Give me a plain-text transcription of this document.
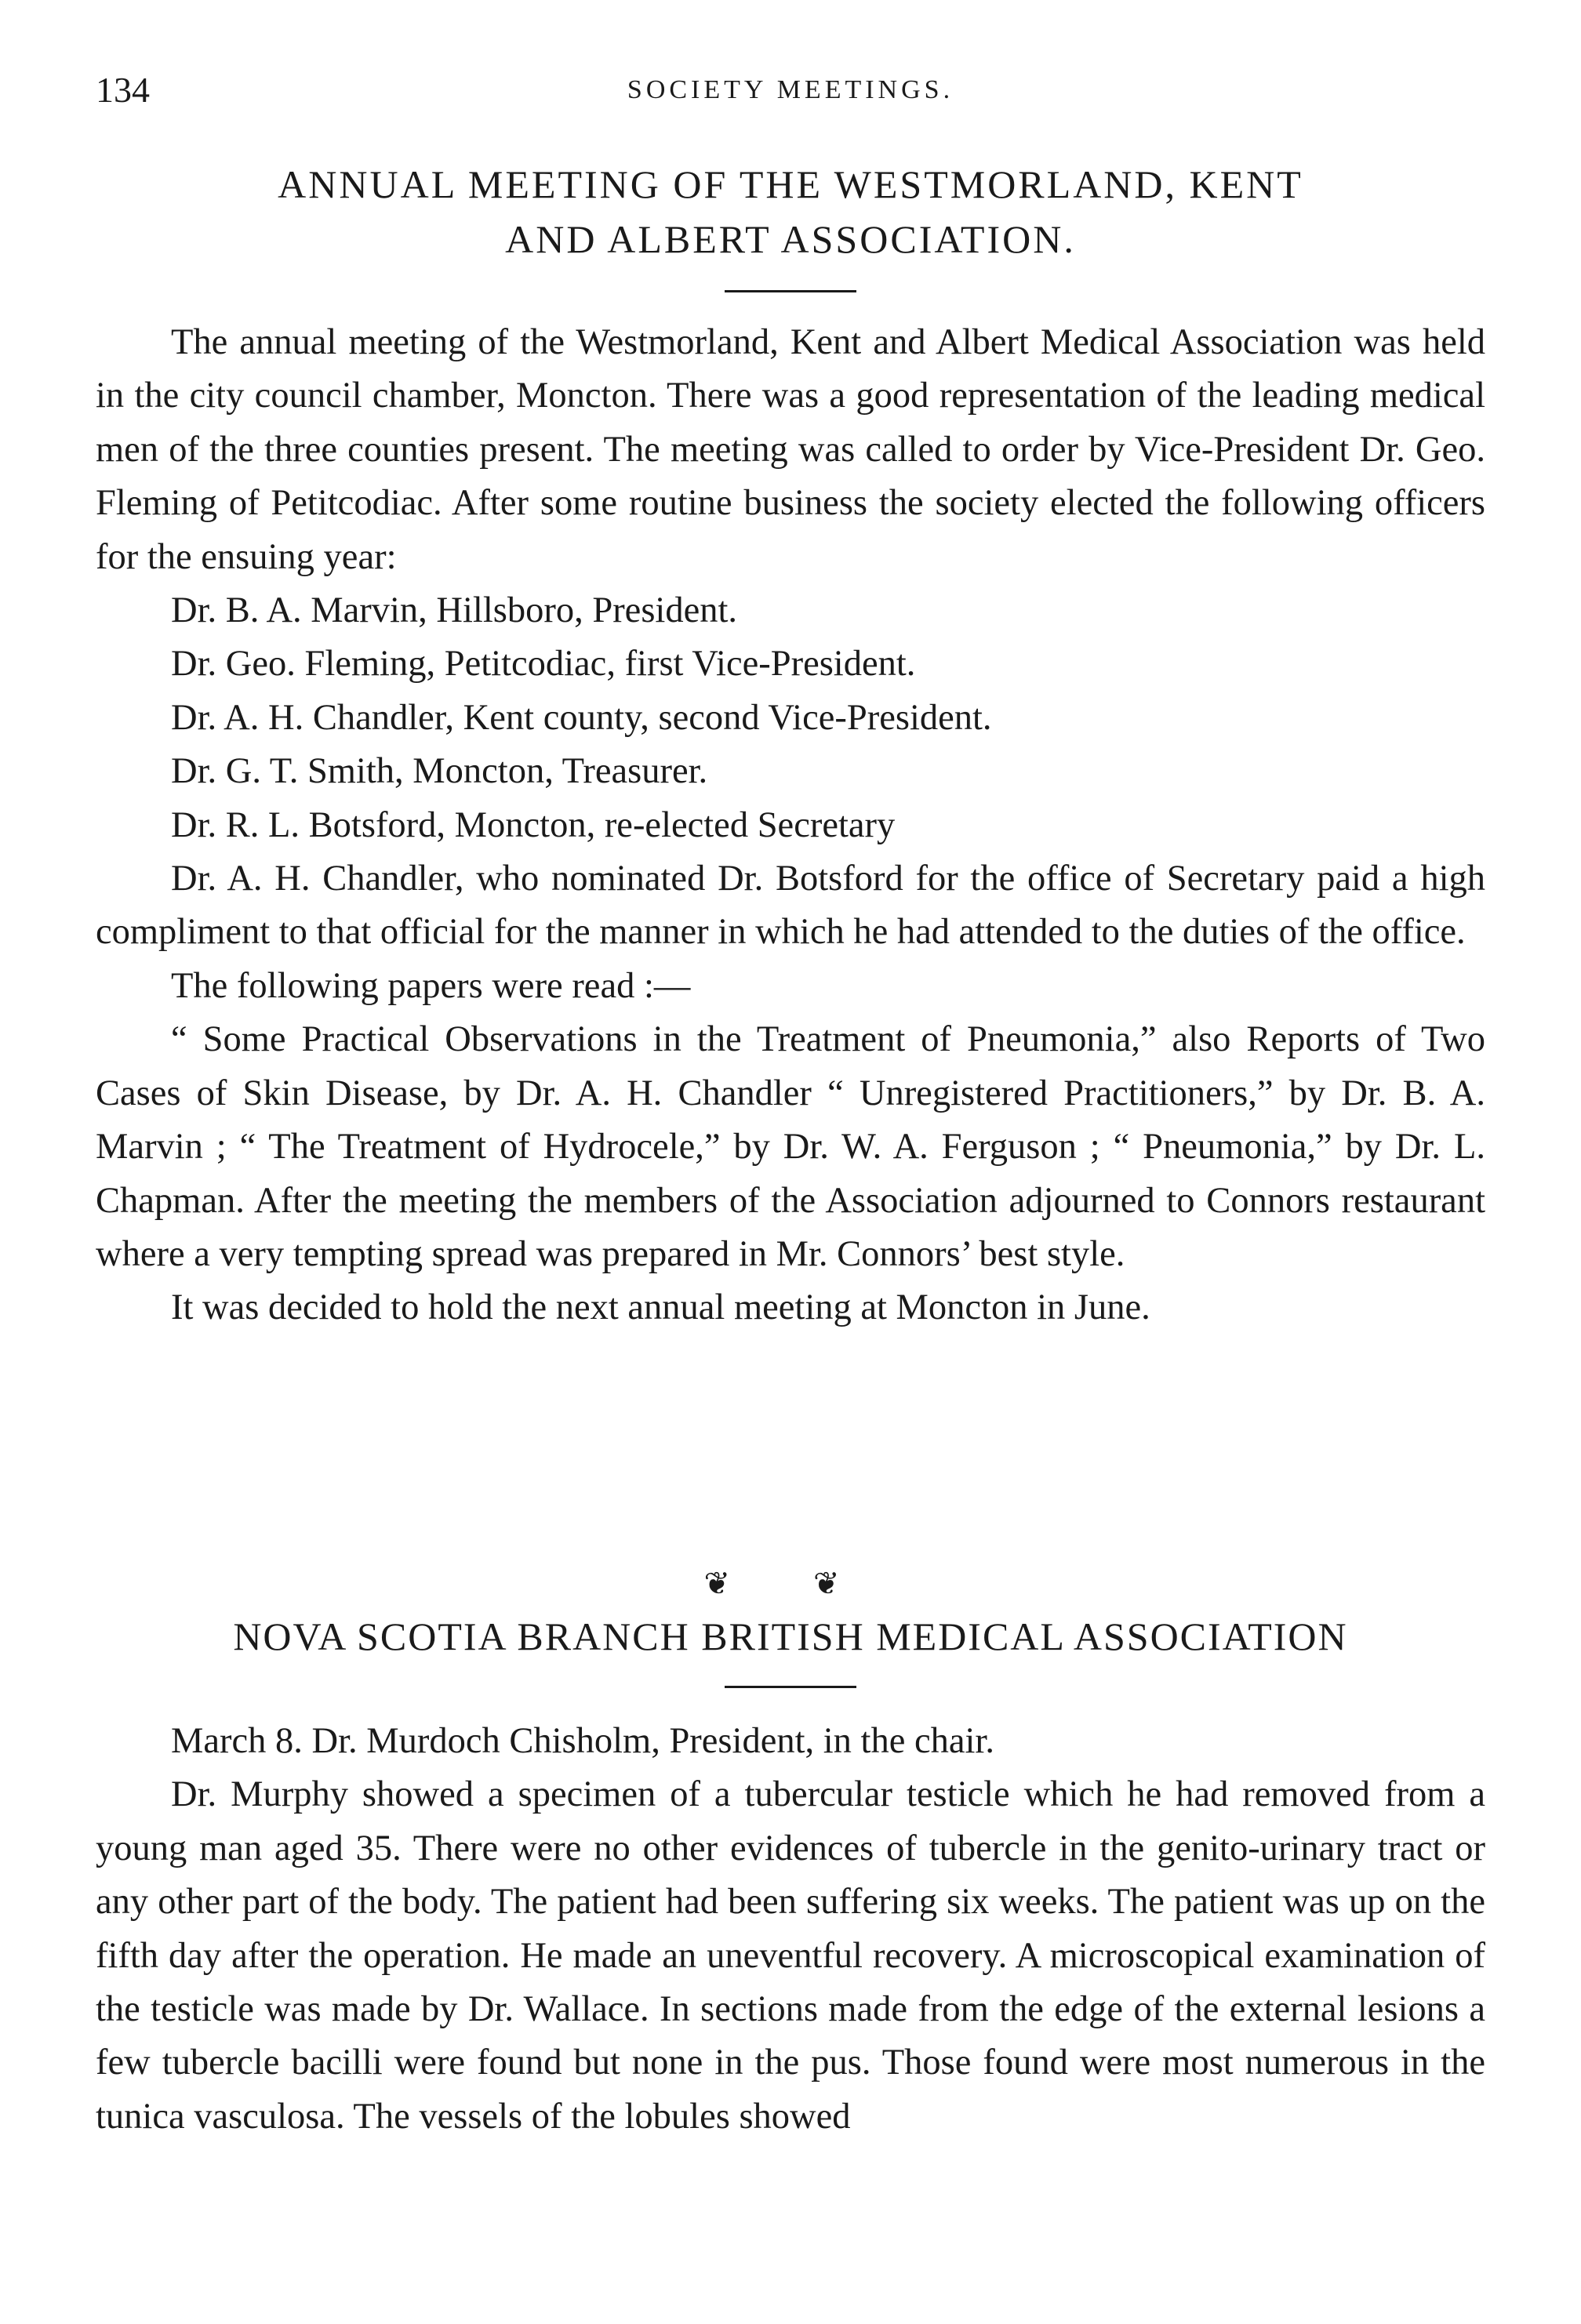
134	SOCIETY MEETINGS.
ANNUAL MEETING OF THE WESTMORLAND, KENT
AND ALBERT ASSOCIATION.

The annual meeting of the Westmorland, Kent and Albert Medical Association was held in the city council chamber, Moncton. There was a good representation of the leading medical men of the three counties present. The meeting was called to order by Vice-President Dr. Geo. Fleming of Petitcodiac. After some routine business the society elected the following officers for the ensuing year:

Dr. B. A. Marvin, Hillsboro, President.
Dr. Geo. Fleming, Petitcodiac, first Vice-President.
Dr. A. H. Chandler, Kent county, second Vice-President.
Dr. G. T. Smith, Moncton, Treasurer.
Dr. R. L. Botsford, Moncton, re-elected Secretary

Dr. A. H. Chandler, who nominated Dr. Botsford for the office of Secretary paid a high compliment to that official for the manner in which he had attended to the duties of the office.

The following papers were read :—

“ Some Practical Observations in the Treatment of Pneumonia,” also Reports of Two Cases of Skin Disease, by Dr. A. H. Chandler “ Unregistered Practitioners,” by Dr. B. A. Marvin ; “ The Treatment of Hydrocele,” by Dr. W. A. Ferguson ; “ Pneumonia,” by Dr. L. Chapman. After the meeting the members of the Association adjourned to Connors restaurant where a very tempting spread was prepared in Mr. Connors’ best style.

It was decided to hold the next annual meeting at Moncton in June.

❦ ❦
NOVA SCOTIA BRANCH BRITISH MEDICAL ASSOCIATION

March 8. Dr. Murdoch Chisholm, President, in the chair.

Dr. Murphy showed a specimen of a tubercular testicle which he had removed from a young man aged 35. There were no other evidences of tubercle in the genito-urinary tract or any other part of the body. The patient had been suffering six weeks. The patient was up on the fifth day after the operation. He made an uneventful recovery. A microscopical examination of the testicle was made by Dr. Wallace. In sections made from the edge of the external lesions a few tubercle bacilli were found but none in the pus. Those found were most numerous in the tunica vasculosa. The vessels of the lobules showed
